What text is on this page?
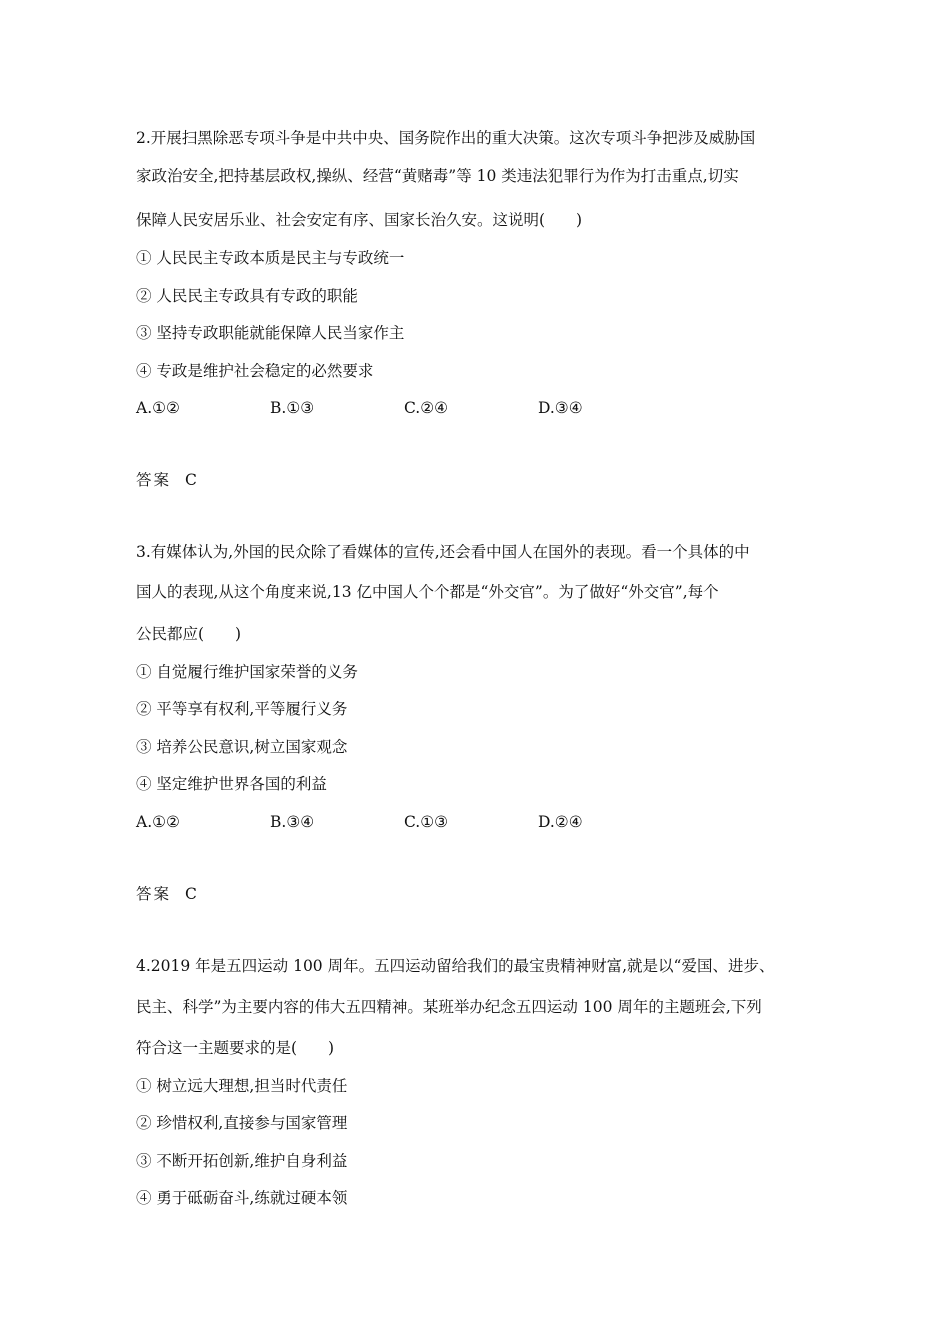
2.开展扫黑除恶专项斗争是中共中央、国务院作出的重大决策。这次专项斗争把涉及威胁国
家政治安全,把持基层政权,操纵、经营“黄赌毒”等 10 类违法犯罪行为作为打击重点,切实
保障人民安居乐业、社会安定有序、国家长治久安。这说明(　　)
① 人民民主专政本质是民主与专政统一
② 人民民主专政具有专政的职能
③ 坚持专政职能就能保障人民当家作主
④ 专政是维护社会稳定的必然要求
A.①②	B.①③	C.②④	D.③④
答案 C
3.有媒体认为,外国的民众除了看媒体的宣传,还会看中国人在国外的表现。看一个具体的中
国人的表现,从这个角度来说,13 亿中国人个个都是“外交官”。为了做好“外交官”,每个
公民都应(　　)
① 自觉履行维护国家荣誉的义务
② 平等享有权利,平等履行义务
③ 培养公民意识,树立国家观念
④ 坚定维护世界各国的利益
A.①②	B.③④	C.①③	D.②④
答案 C
4.2019 年是五四运动 100 周年。五四运动留给我们的最宝贵精神财富,就是以“爱国、进步、
民主、科学”为主要内容的伟大五四精神。某班举办纪念五四运动 100 周年的主题班会,下列
符合这一主题要求的是(　　)
① 树立远大理想,担当时代责任
② 珍惜权利,直接参与国家管理
③ 不断开拓创新,维护自身利益
④ 勇于砥砺奋斗,练就过硬本领
